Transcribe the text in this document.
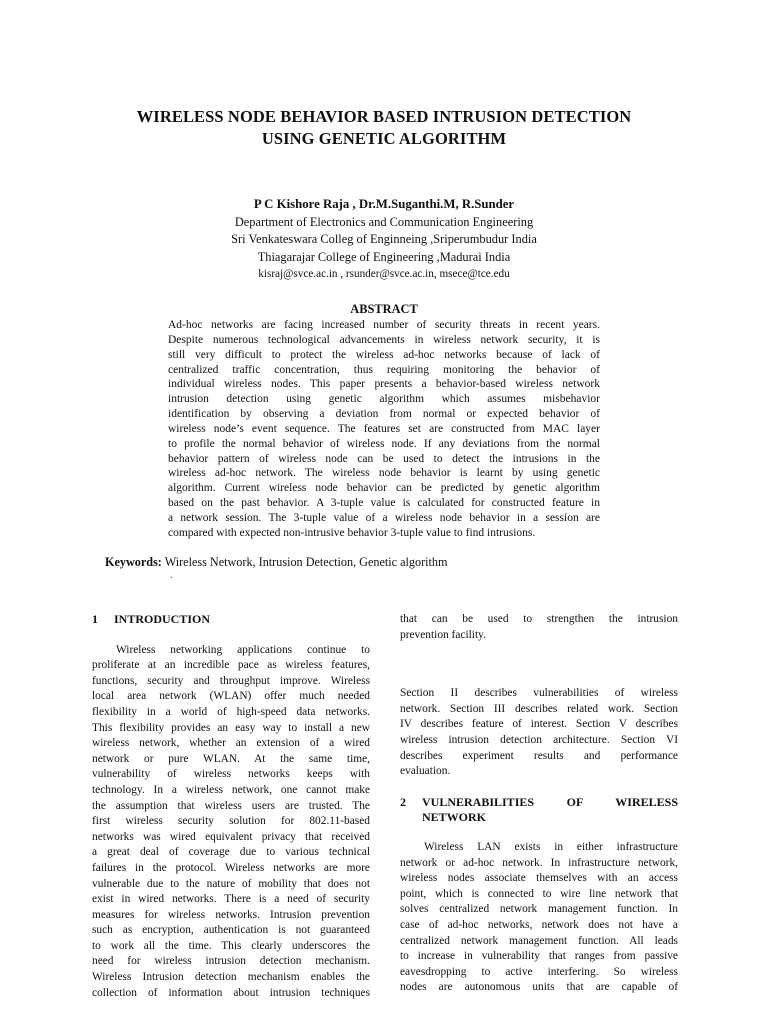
WIRELESS NODE BEHAVIOR BASED INTRUSION DETECTION
USING GENETIC ALGORITHM
P C Kishore Raja , Dr.M.Suganthi.M, R.Sunder
Department of Electronics and Communication Engineering
Sri Venkateswara Colleg of Enginneing ,Sriperumbudur India
Thiagarajar College of Engineering ,Madurai India
kisraj@svce.ac.in , rsunder@svce.ac.in, msece@tce.edu
ABSTRACT
Ad-hoc networks are facing increased number of security threats in recent years.
Despite numerous technological advancements in wireless network security, it is
still very difficult to protect the wireless ad-hoc networks because of lack of
centralized traffic concentration, thus requiring monitoring the behavior of
individual wireless nodes. This paper presents a behavior-based wireless network
intrusion detection using genetic algorithm which assumes misbehavior
identification by observing a deviation from normal or expected behavior of
wireless node’s event sequence. The features set are constructed from MAC layer
to profile the normal behavior of wireless node. If any deviations from the normal
behavior pattern of wireless node can be used to detect the intrusions in the
wireless ad-hoc network. The wireless node behavior is learnt by using genetic
algorithm. Current wireless node behavior can be predicted by genetic algorithm
based on the past behavior. A 3-tuple value is calculated for constructed feature in
a network session. The 3-tuple value of a wireless node behavior in a session are
compared with expected non-intrusive behavior 3-tuple value to find intrusions.
Keywords: Wireless Network, Intrusion Detection, Genetic algorithm
.
1 INTRODUCTION
Wireless networking applications continue to
proliferate at an incredible pace as wireless features,
functions, security and throughput improve. Wireless
local area network (WLAN) offer much needed
flexibility in a world of high-speed data networks.
This flexibility provides an easy way to install a new
wireless network, whether an extension of a wired
network or pure WLAN. At the same time,
vulnerability of wireless networks keeps with
technology. In a wireless network, one cannot make
the assumption that wireless users are trusted. The
first wireless security solution for 802.11-based
networks was wired equivalent privacy that received
a great deal of coverage due to various technical
failures in the protocol. Wireless networks are more
vulnerable due to the nature of mobility that does not
exist in wired networks. There is a need of security
measures for wireless networks. Intrusion prevention
such as encryption, authentication is not guaranteed
to work all the time. This clearly underscores the
need for wireless intrusion detection mechanism.
Wireless Intrusion detection mechanism enables the
collection of information about intrusion techniques
that can be used to strengthen the intrusion
prevention facility.
Section II describes vulnerabilities of wireless
network. Section III describes related work. Section
IV describes feature of interest. Section V describes
wireless intrusion detection architecture. Section VI
describes experiment results and performance
evaluation.
2	VULNERABILITIES OF WIRELESS
NETWORK
Wireless LAN exists in either infrastructure
network or ad-hoc network. In infrastructure network,
wireless nodes associate themselves with an access
point, which is connected to wire line network that
solves centralized network management function. In
case of ad-hoc networks, network does not have a
centralized network management function. All leads
to increase in vulnerability that ranges from passive
eavesdropping to active interfering. So wireless
nodes are autonomous units that are capable of
